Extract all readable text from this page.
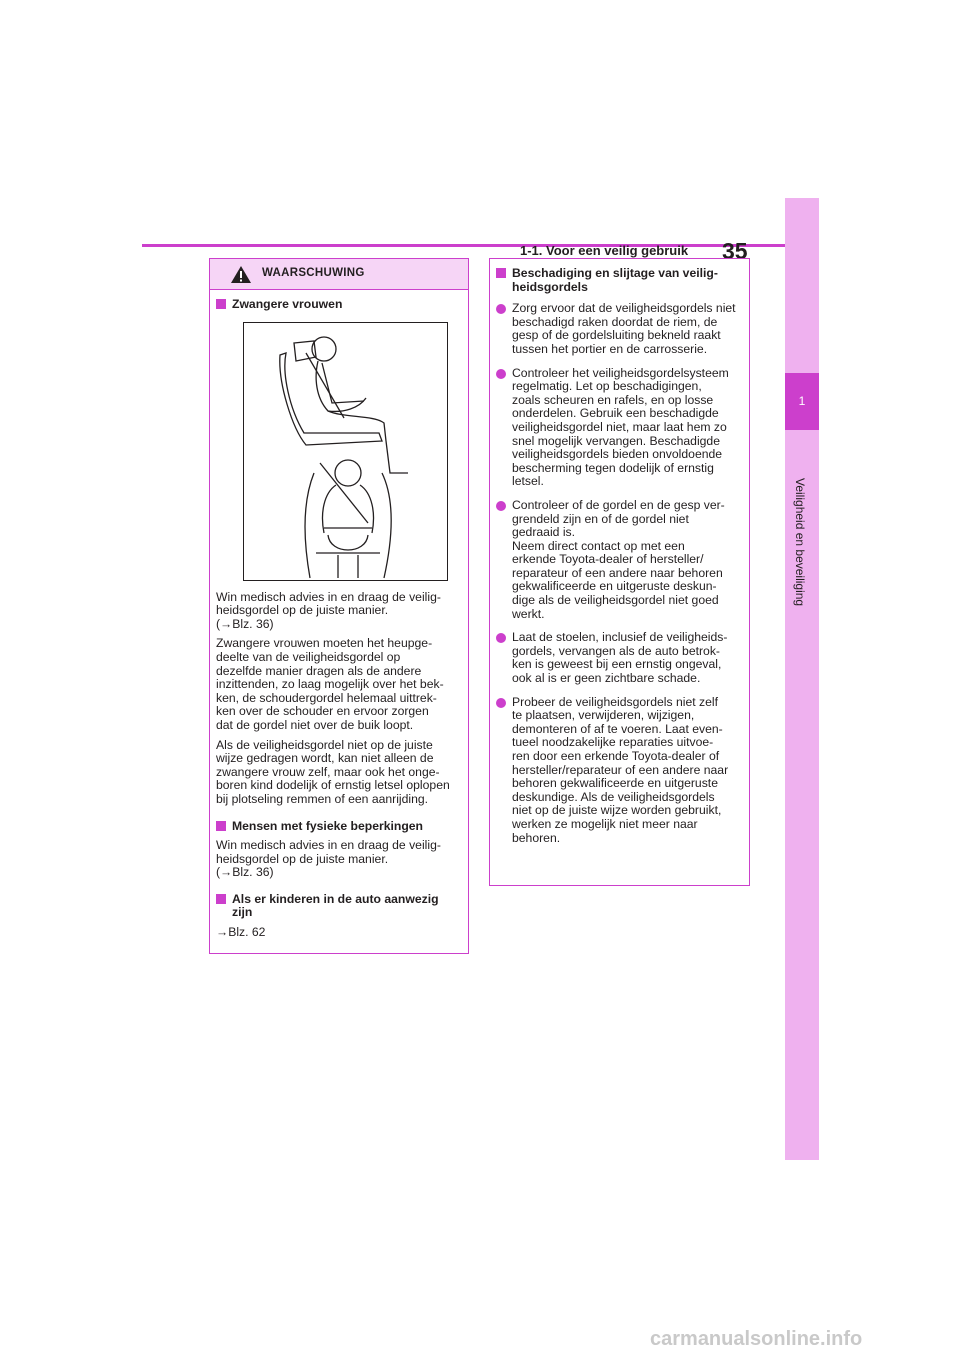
1-1. Voor een veilig gebruik 35
1
Veiligheid en beveiliging
WAARSCHUWING
Zwangere vrouwen

Win medisch advies in en draag de veilig-
heidsgordel op de juiste manier.
(→Blz. 36)

Zwangere vrouwen moeten het heupge-
deelte van de veiligheidsgordel op
dezelfde manier dragen als de andere
inzittenden, zo laag mogelijk over het bek-
ken, de schoudergordel helemaal uittrek-
ken over de schouder en ervoor zorgen
dat de gordel niet over de buik loopt.

Als de veiligheidsgordel niet op de juiste
wijze gedragen wordt, kan niet alleen de
zwangere vrouw zelf, maar ook het onge-
boren kind dodelijk of ernstig letsel oplopen
bij plotseling remmen of een aanrijding.

Mensen met fysieke beperkingen

Win medisch advies in en draag de veilig-
heidsgordel op de juiste manier.
(→Blz. 36)

Als er kinderen in de auto aanwezig
zijn

→Blz. 62

Beschadiging en slijtage van veilig-
heidsgordels
Zorg ervoor dat de veiligheidsgordels niet
beschadigd raken doordat de riem, de
gesp of de gordelsluiting bekneld raakt
tussen het portier en de carrosserie.
Controleer het veiligheidsgordelsysteem
regelmatig. Let op beschadigingen,
zoals scheuren en rafels, en op losse
onderdelen. Gebruik een beschadigde
veiligheidsgordel niet, maar laat hem zo
snel mogelijk vervangen. Beschadigde
veiligheidsgordels bieden onvoldoende
bescherming tegen dodelijk of ernstig
letsel.
Controleer of de gordel en de gesp ver-
grendeld zijn en of de gordel niet
gedraaid is.
Neem direct contact op met een
erkende Toyota-dealer of hersteller/
reparateur of een andere naar behoren
gekwalificeerde en uitgeruste deskun-
dige als de veiligheidsgordel niet goed
werkt.
Laat de stoelen, inclusief de veiligheids-
gordels, vervangen als de auto betrok-
ken is geweest bij een ernstig ongeval,
ook al is er geen zichtbare schade.
Probeer de veiligheidsgordels niet zelf
te plaatsen, verwijderen, wijzigen,
demonteren of af te voeren. Laat even-
tueel noodzakelijke reparaties uitvoe-
ren door een erkende Toyota-dealer of
hersteller/reparateur of een andere naar
behoren gekwalificeerde en uitgeruste
deskundige. Als de veiligheidsgordels
niet op de juiste wijze worden gebruikt,
werken ze mogelijk niet meer naar
behoren.
carmanualsonline.info
